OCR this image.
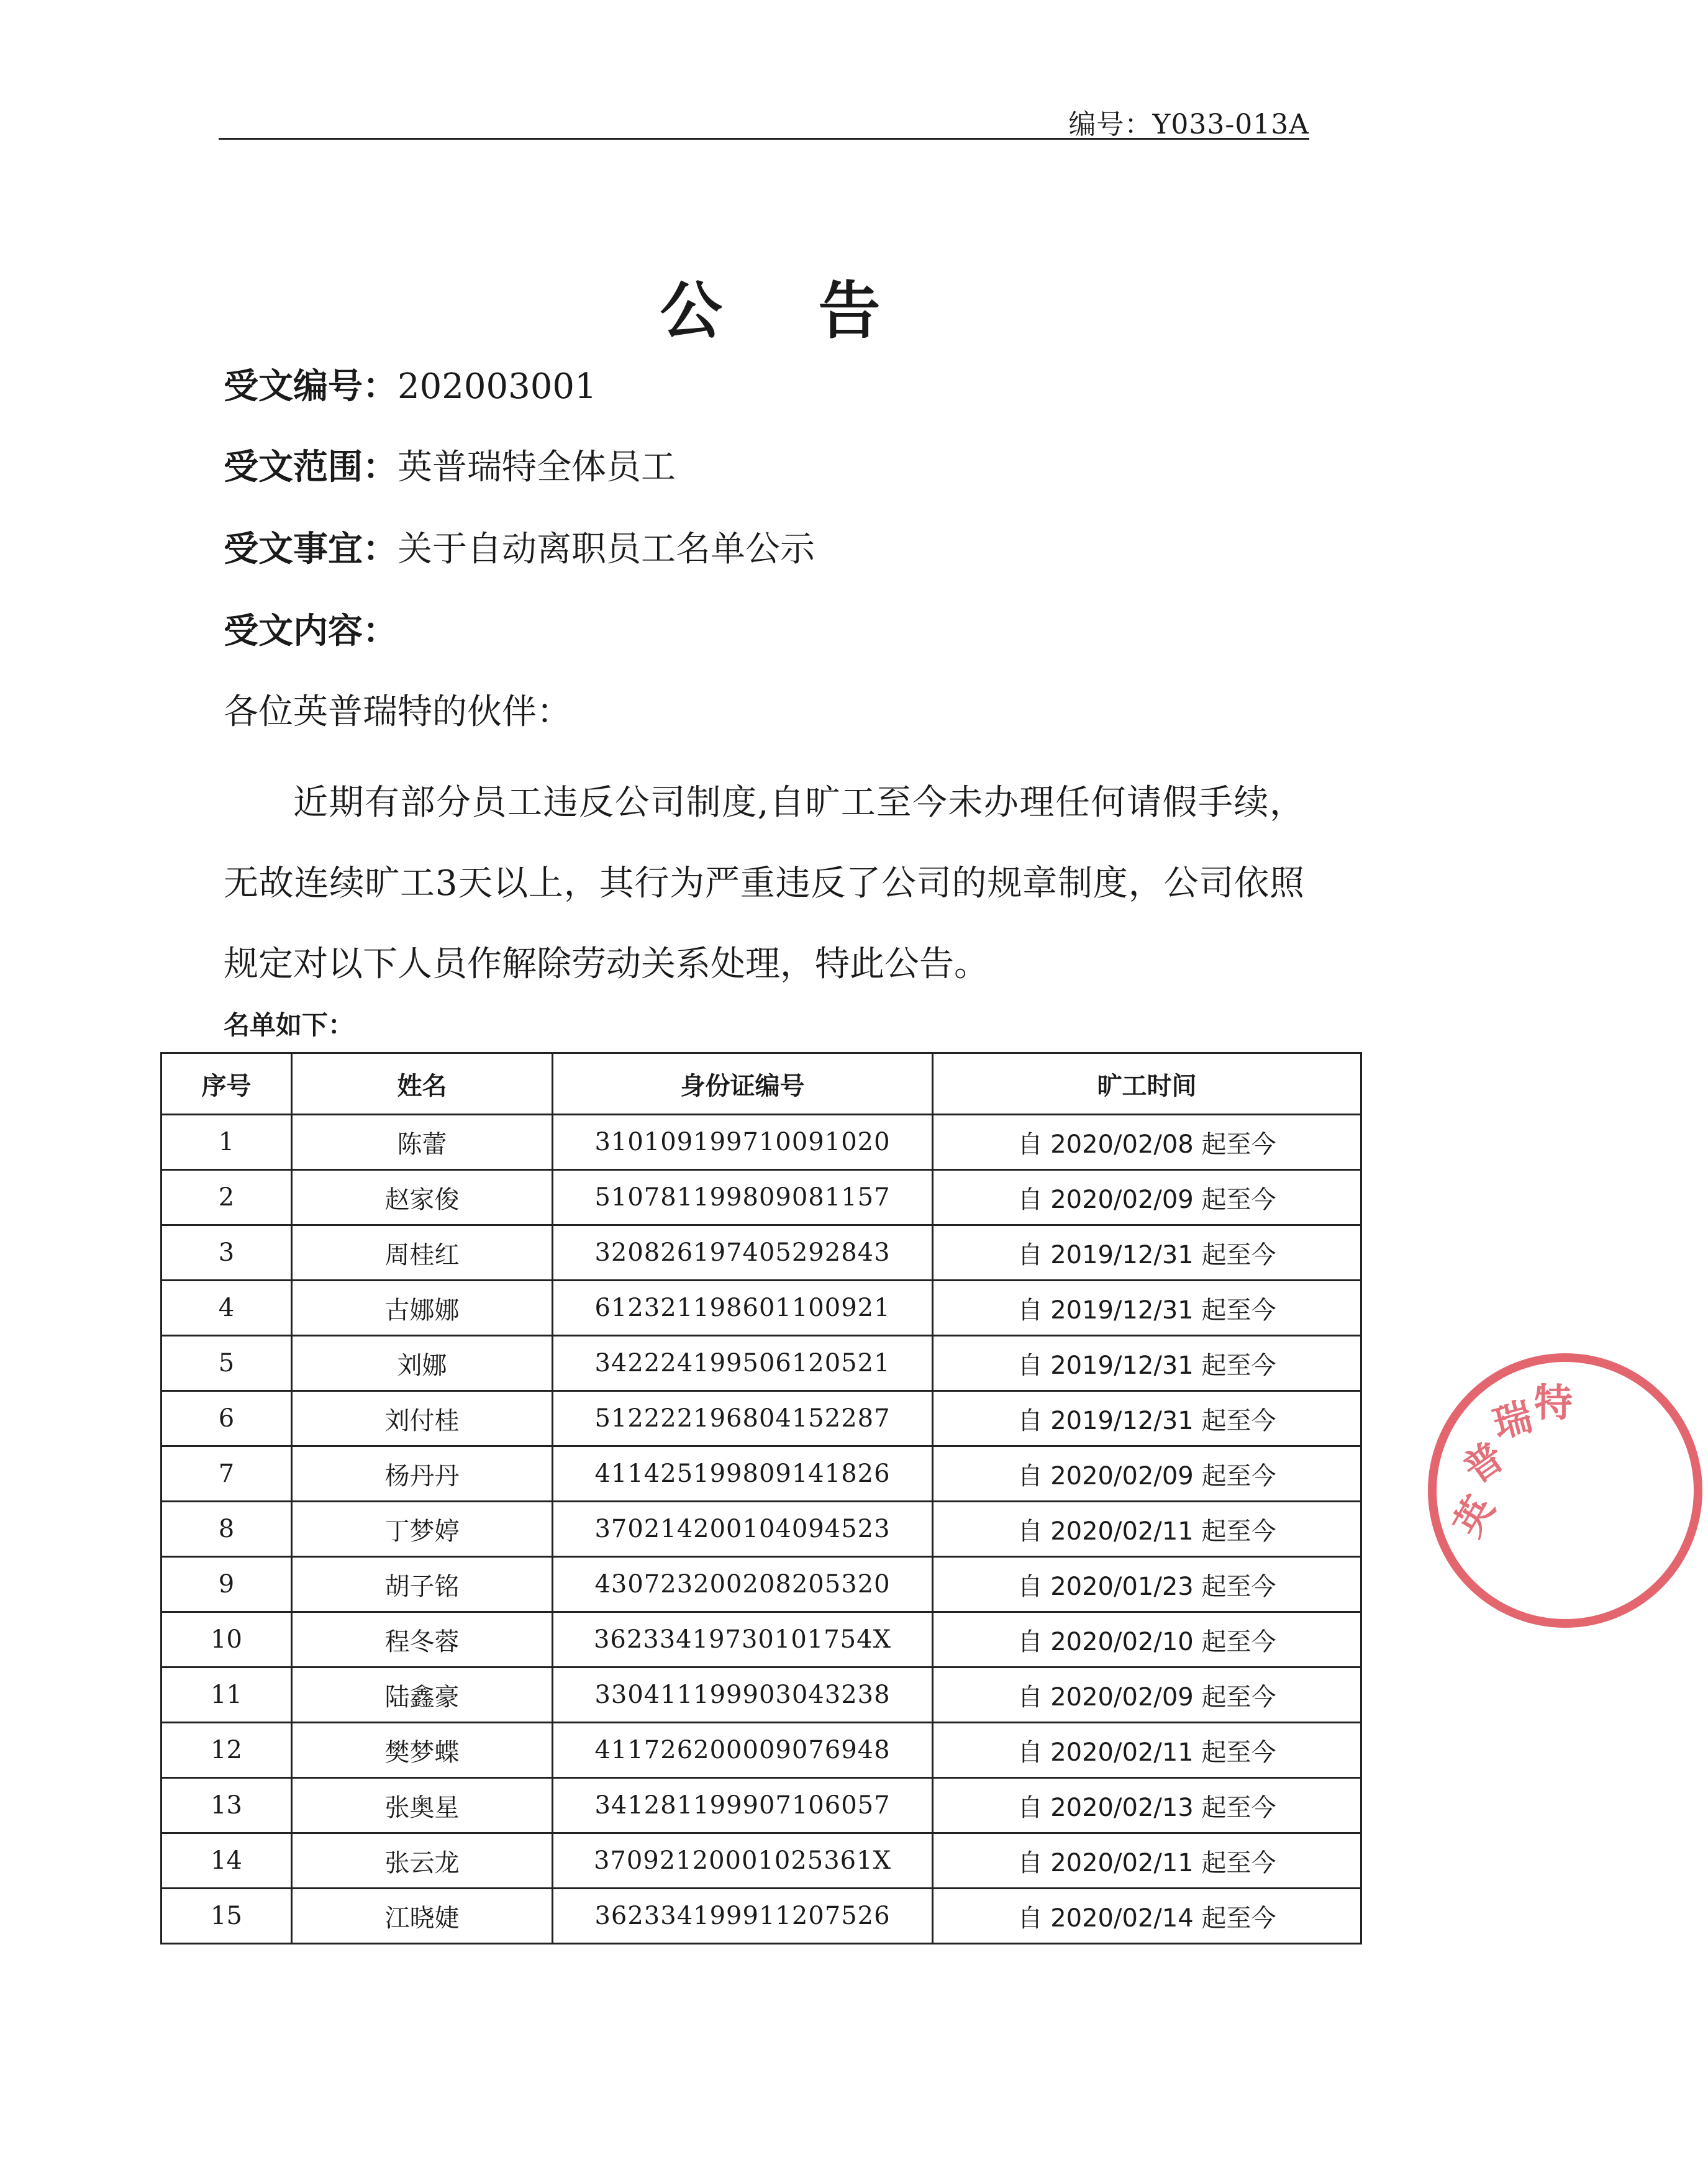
编号：Y033-013A
公 告
受文编号：202003001
受文范围：英普瑞特全体员工
受文事宜：关于自动离职员工名单公示
受文内容：
各位英普瑞特的伙伴：
近期有部分员工违反公司制度,自旷工至今未办理任何请假手续，无故连续旷工3天以上，其行为严重违反了公司的规章制度，公司依照规定对以下人员作解除劳动关系处理，特此公告。
名单如下：
序号	姓名	身份证编号	旷工时间
1	陈蕾	310109199710091020	自 2020/02/08 起至今
2	赵家俊	510781199809081157	自 2020/02/09 起至今
3	周桂红	320826197405292843	自 2019/12/31 起至今
4	古娜娜	612321198601100921	自 2019/12/31 起至今
5	刘娜	342224199506120521	自 2019/12/31 起至今
6	刘付桂	512222196804152287	自 2019/12/31 起至今
7	杨丹丹	411425199809141826	自 2020/02/09 起至今
8	丁梦婷	370214200104094523	自 2020/02/11 起至今
9	胡子铭	430723200208205320	自 2020/01/23 起至今
10	程冬蓉	36233419730101754X	自 2020/02/10 起至今
11	陆鑫豪	330411199903043238	自 2020/02/09 起至今
12	樊梦蝶	411726200009076948	自 2020/02/11 起至今
13	张奥星	341281199907106057	自 2020/02/13 起至今
14	张云龙	37092120001025361X	自 2020/02/11 起至今
15	江晓婕	362334199911207526	自 2020/02/14 起至今
英
普
瑞
特
